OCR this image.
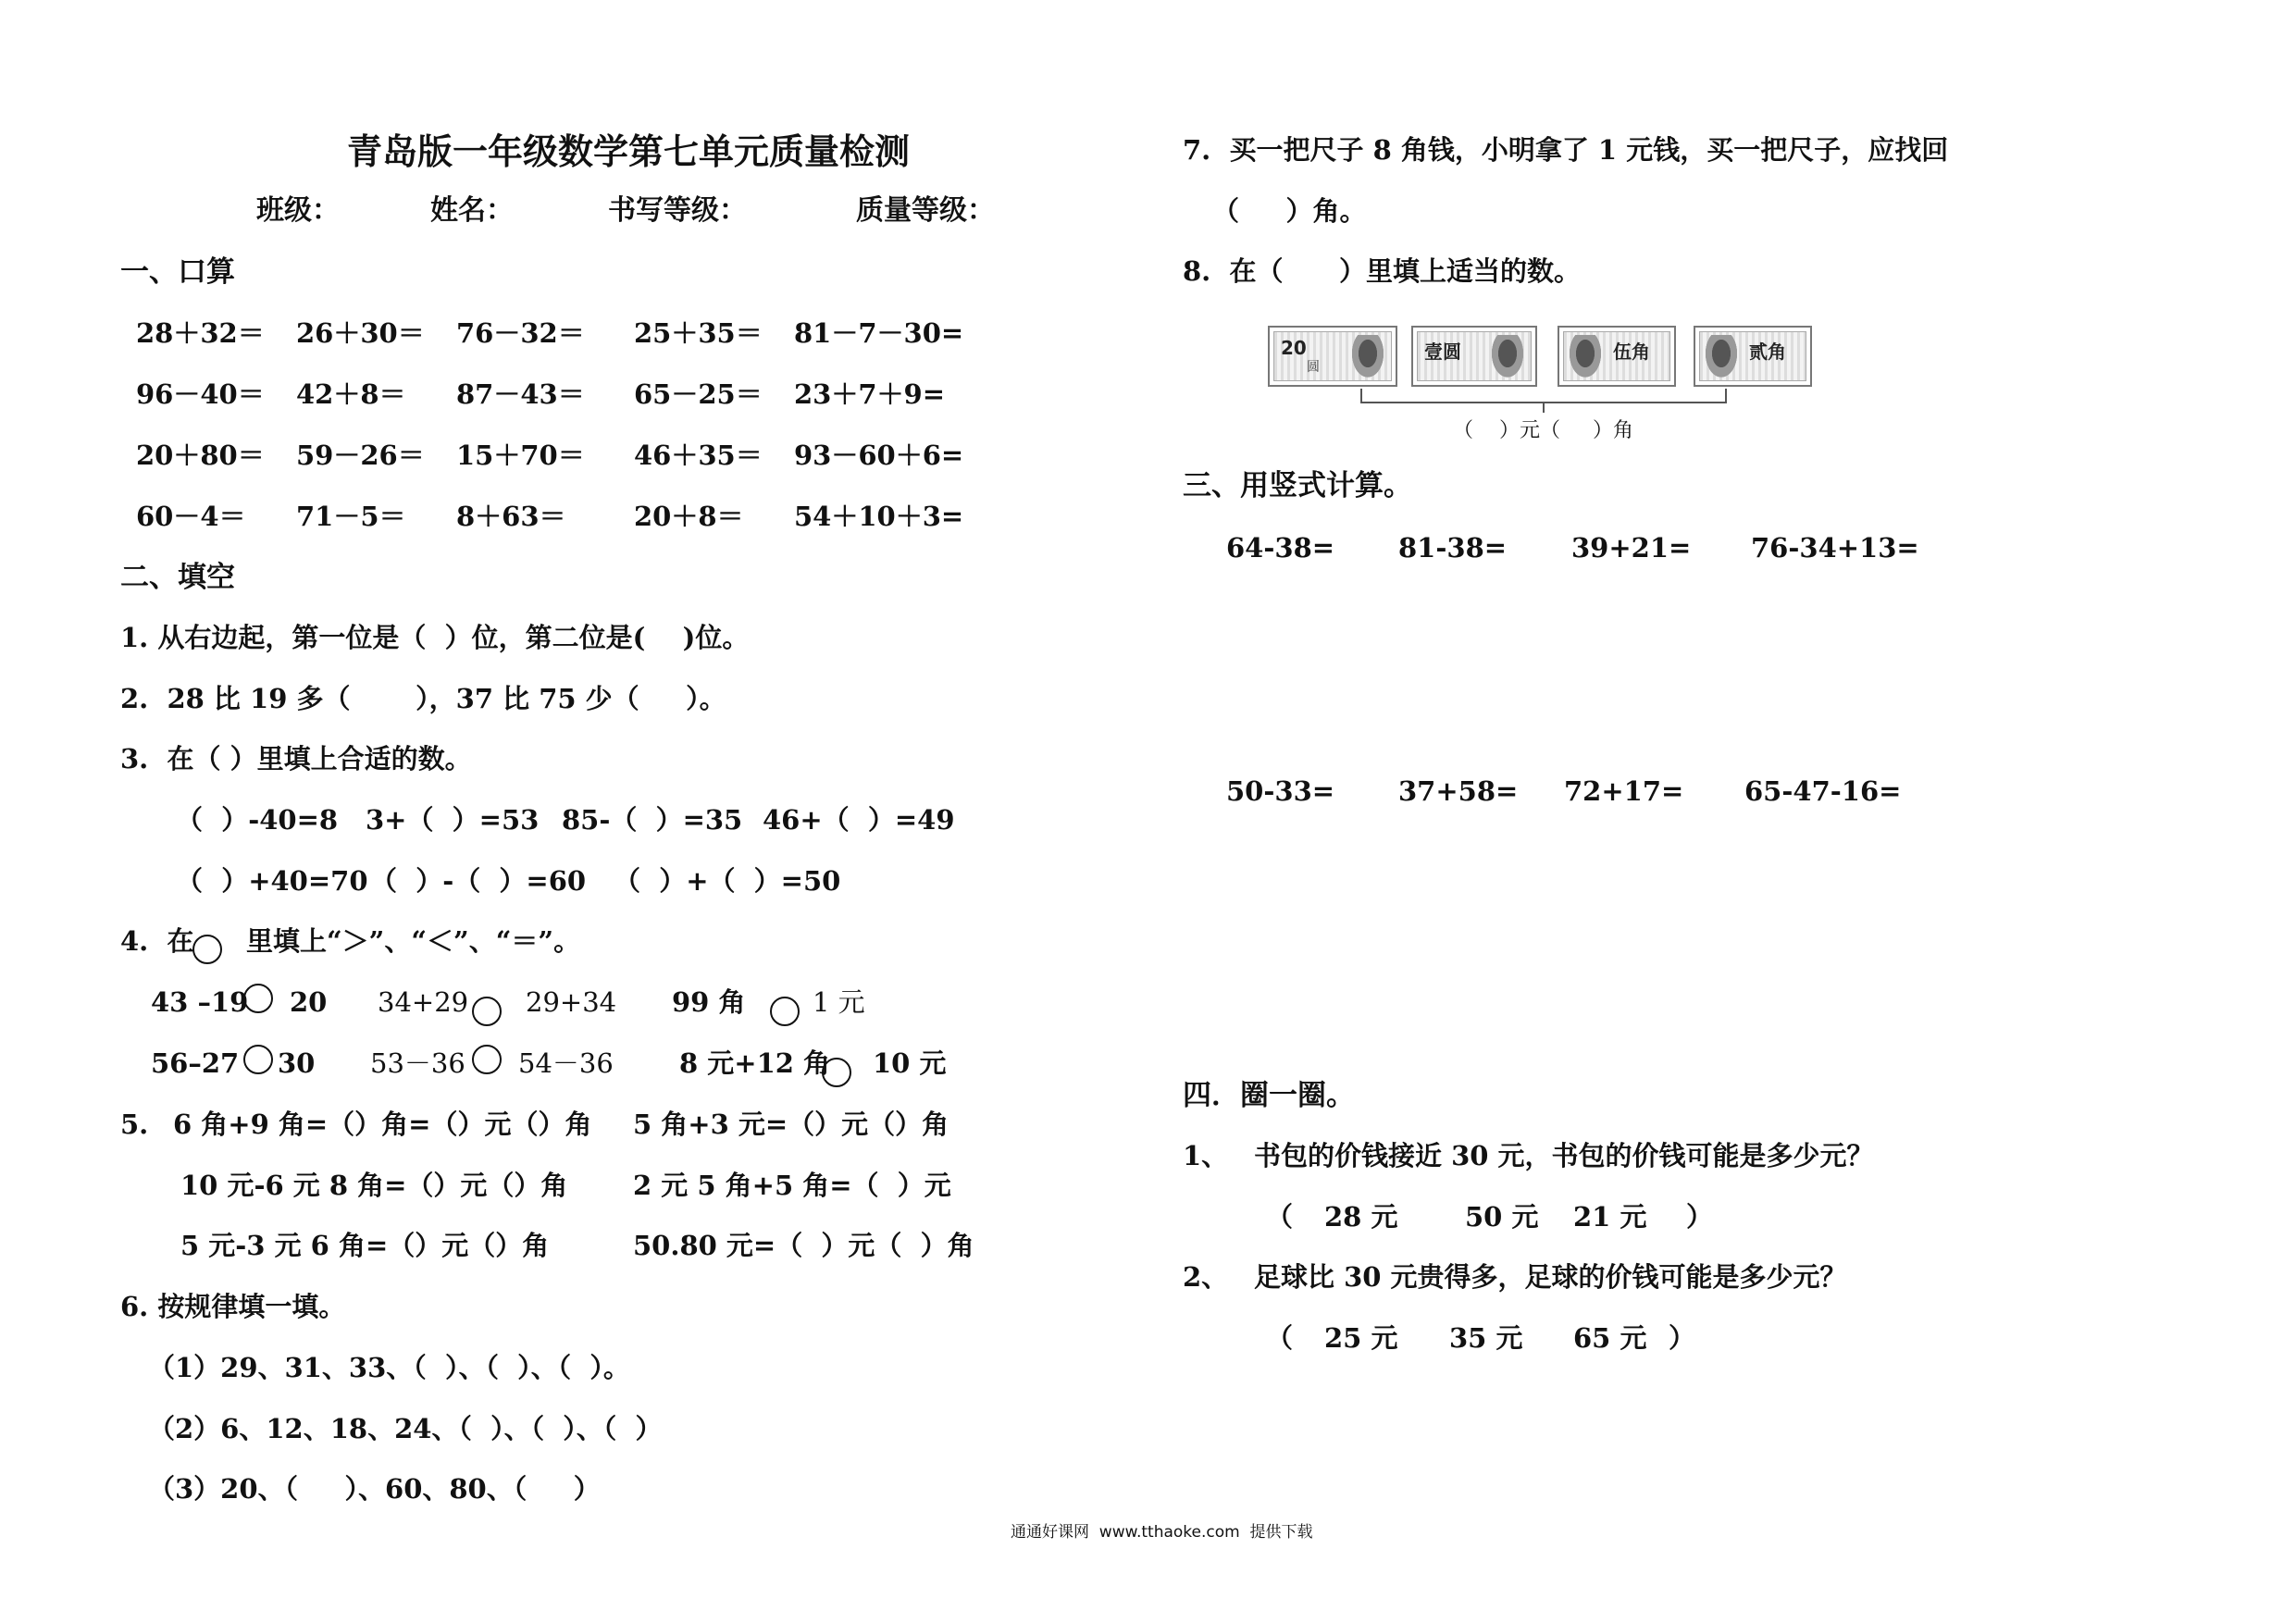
青岛版一年级数学第七单元质量检测
班级：	姓名：	书写等级：	质量等级：
一、口算
28＋32＝ 26＋30＝ 76－32＝ 25＋35＝ 81－7－30=
96－40＝ 42＋8＝ 87－43＝ 65－25＝ 23＋7＋9=
20＋80＝ 59－26＝ 15＋70＝ 46＋35＝ 93－60＋6=
60－4＝ 71－5＝ 8＋63＝	20＋8＝ 54＋10＋3=
二、填空
1. 从右边起，第一位是（  ）位，第二位是(    )位。
2.  28 比 19 多（       ），37 比 75 少（     ）。
3.  在（ ）里填上合适的数。
（  ）-40=8 3+（  ）=53 85-（  ）=35 46+（  ）=49
（  ）+40=70 （  ）-（  ）=60 （  ）+（  ）=50
4.  在 里填上“＞”、“＜”、“＝”。
43 –19 20 34+29 29+34 99 角	1 元
56–27 30 53－36 54－36 8 元+12 角 10 元
5. 6 角+9 角=（）角=（）元（）角 5 角+3 元=（）元（）角
10 元-6 元 8 角=（）元（）角 2 元 5 角+5 角=（  ）元
5 元-3 元 6 角=（）元（）角	50.80 元=（  ）元（  ）角
6. 按规律填一填。
（1）29、31、33、（  ）、（  ）、（  ）。
（2）6、12、18、24、（  ）、（  ）、（  ）
（3）20、（     ）、60、80、（     ）
7.  买一把尺子 8 角钱，小明拿了 1 元钱，买一把尺子，应找回
（     ）角。
8.  在（      ）里填上适当的数。
20
圆
壹圆	伍角	贰角
（    ）元（     ）角
三、用竖式计算。
64-38= 81-38= 39+21= 76-34+13=
50-33= 37+58= 72+17= 65-47-16=
四．圈一圈。
1、 书包的价钱接近 30 元，书包的价钱可能是多少元？
（ 28 元	50 元 21 元 ）
2、 足球比 30 元贵得多，足球的价钱可能是多少元？
（ 25 元 35 元 65 元 ）
通通好课网  www.tthaoke.com  提供下载
